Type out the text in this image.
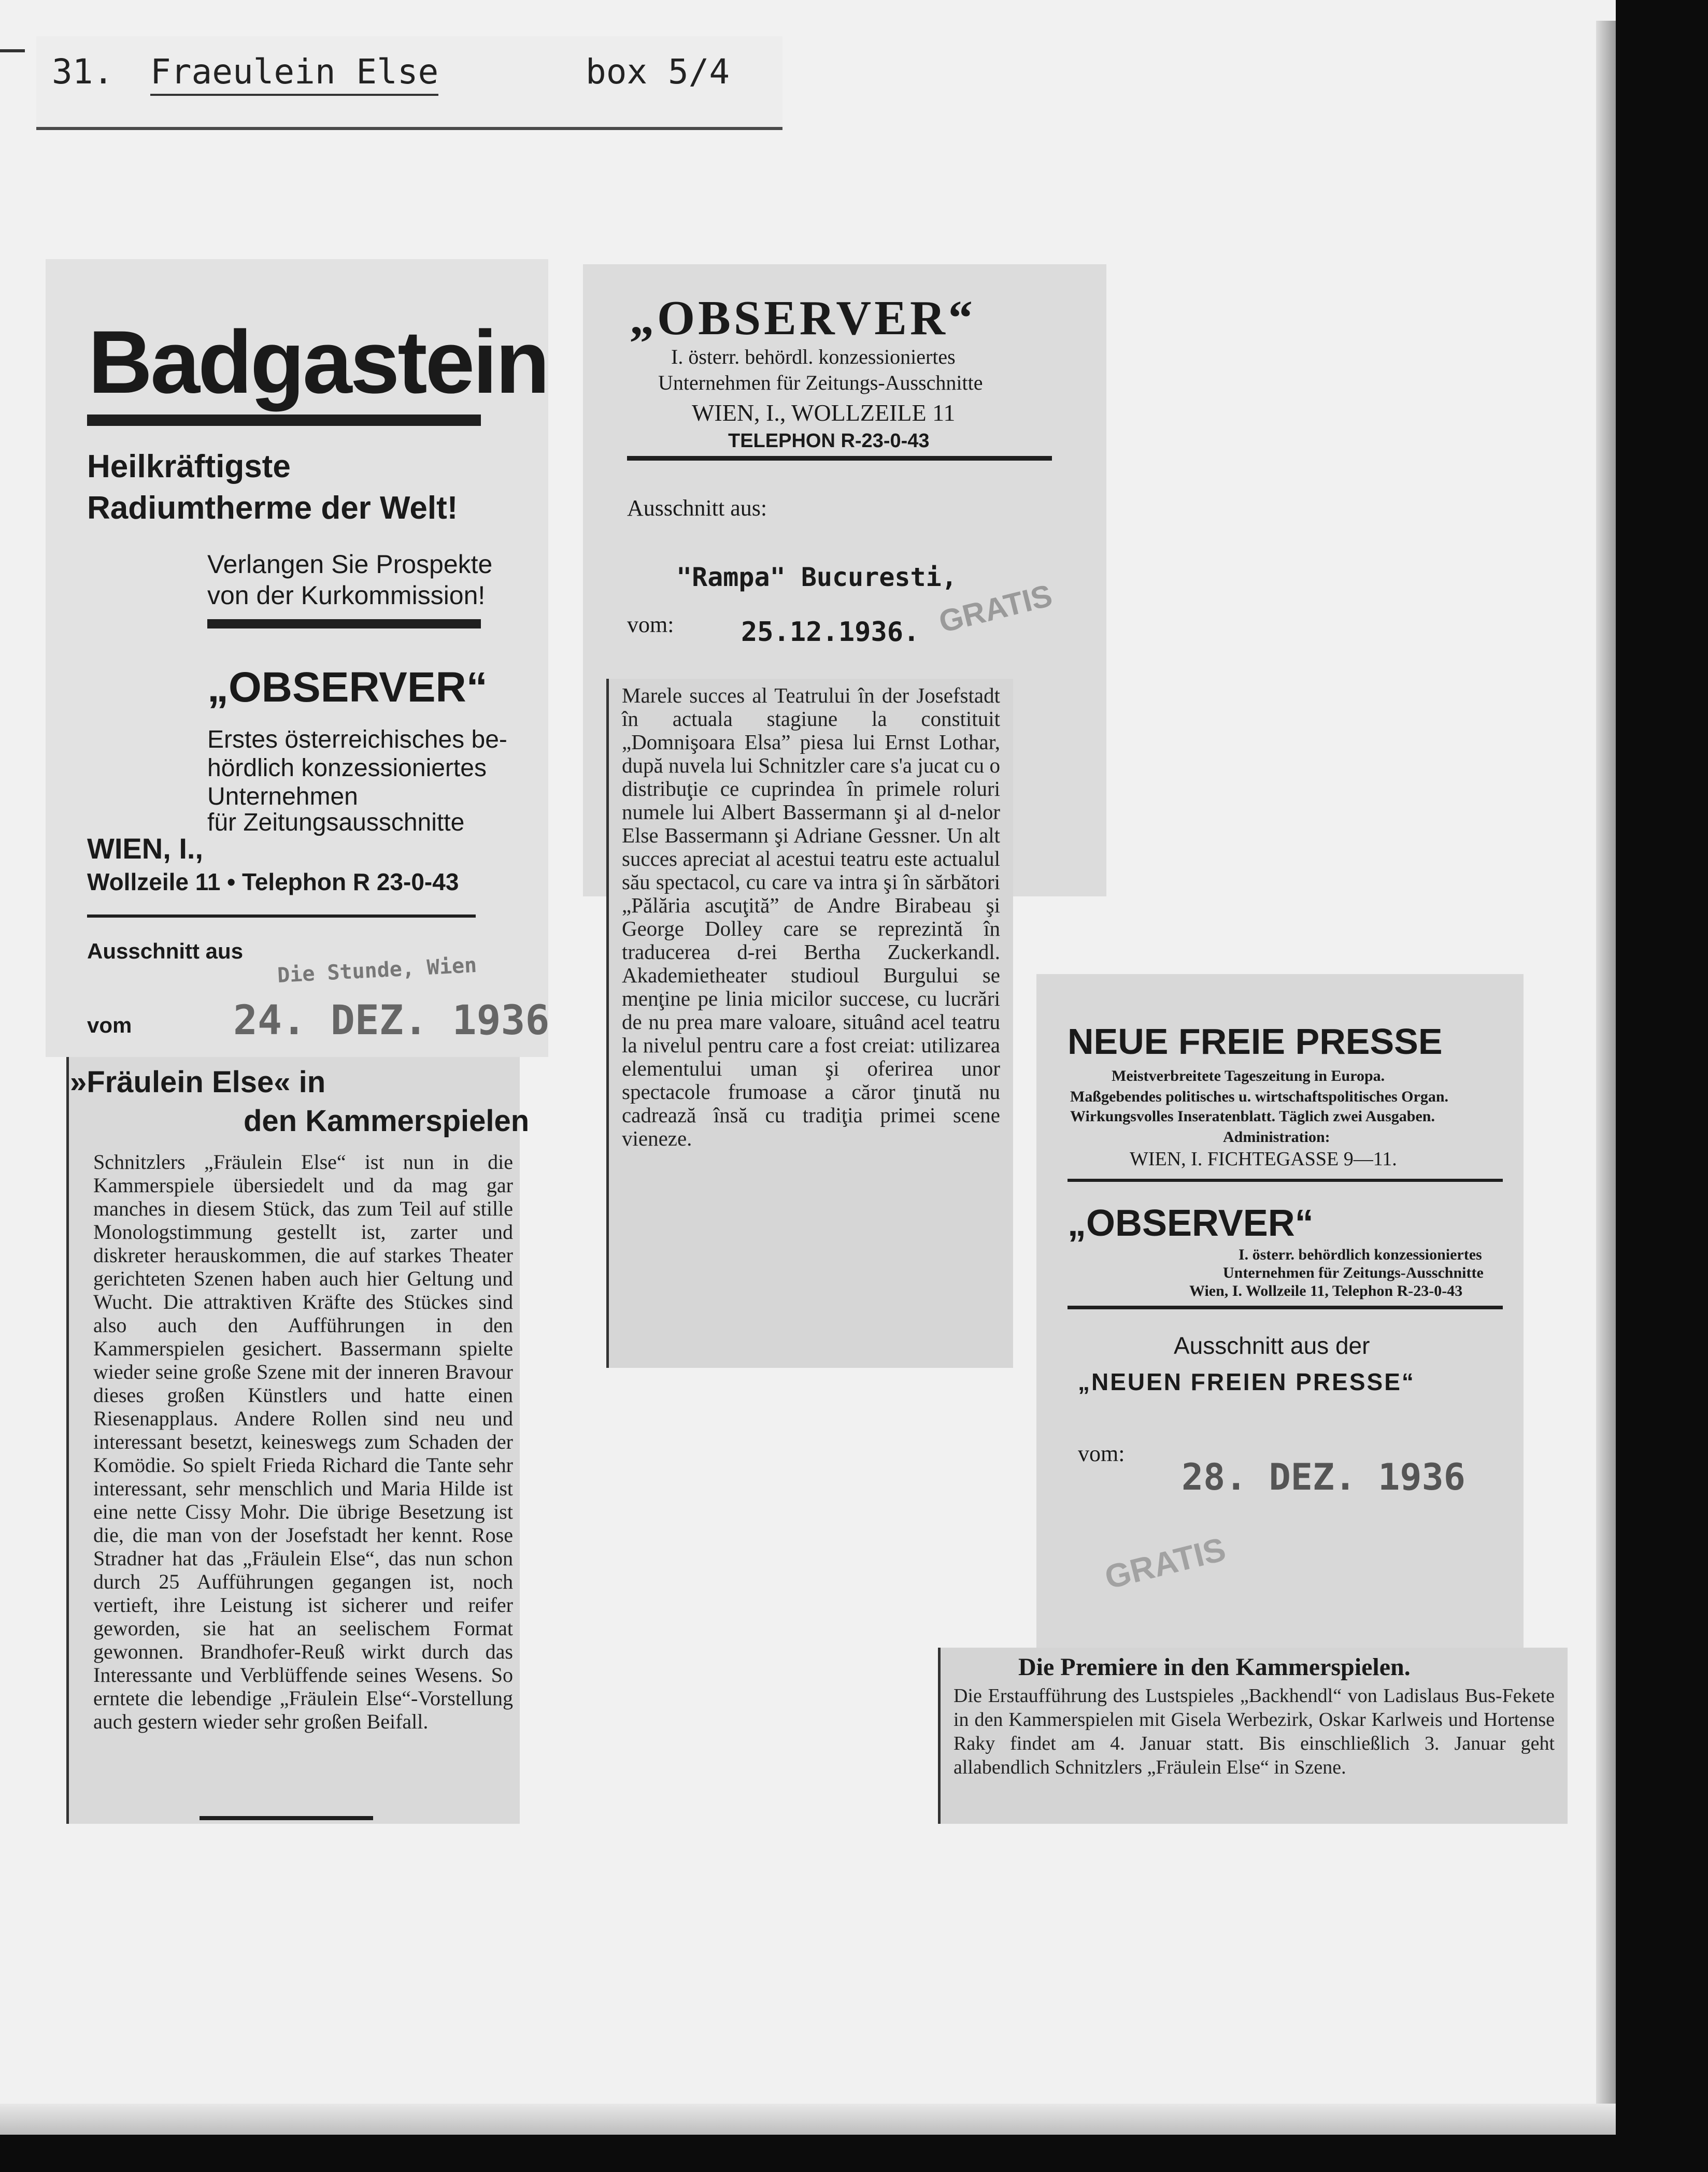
31. Fraeulein Else	box 5/4
Badgastein
Heilkräftigste
Radiumtherme der Welt!
Verlangen Sie Prospekte
von der Kurkommission!
„OBSERVER“
Erstes österreichisches be-
hördlich konzessioniertes
Unternehmen
für Zeitungsausschnitte
WIEN, I.,
Wollzeile 11 • Telephon R 23-0-43
Ausschnitt aus
Die Stunde, Wien
vom	24. DEZ. 1936
»Fräulein Else« in
den Kammerspielen
Schnitzlers „Fräulein Else“ ist nun in die Kammerspiele übersiedelt und da mag gar manches in diesem Stück, das zum Teil auf stille Monologstimmung gestellt ist, zarter und diskreter herauskommen, die auf starkes Theater gerichteten Szenen haben auch hier Geltung und Wucht. Die attraktiven Kräfte des Stückes sind also auch den Aufführungen in den Kammerspielen gesichert. Bassermann spielte wieder seine große Szene mit der inneren Bravour dieses großen Künstlers und hatte einen Riesenapplaus. Andere Rollen sind neu und interessant besetzt, keineswegs zum Schaden der Komödie. So spielt Frieda Richard die Tante sehr interessant, sehr menschlich und Maria Hilde ist eine nette Cissy Mohr. Die übrige Besetzung ist die, die man von der Josefstadt her kennt. Rose Stradner hat das „Fräulein Else“, das nun schon durch 25 Aufführungen gegangen ist, noch vertieft, ihre Leistung ist sicherer und reifer geworden, sie hat an seelischem Format gewonnen. Brandhofer-Reuß wirkt durch das Interessante und Verblüffende seines Wesens. So erntete die lebendige „Fräulein Else“-Vorstellung auch gestern wieder sehr großen Beifall.
„OBSERVER“
I. österr. behördl. konzessioniertes
Unternehmen für Zeitungs-Ausschnitte
WIEN, I., WOLLZEILE 11
TELEPHON R-23-0-43
Ausschnitt aus:
"Rampa" Bucuresti,
vom: 25.12.1936. GRATIS
Marele succes al Teatrului în der Josefstadt în actuala stagiune la constituit „Domnişoara Elsa” piesa lui Ernst Lothar, după nuvela lui Schnitzler care s'a jucat cu o distribuţie ce cuprindea în primele roluri numele lui Albert Bassermann şi al d-nelor Else Bassermann şi Adriane Gessner. Un alt succes apreciat al acestui teatru este actualul său spectacol, cu care va intra şi în sărbători „Pălăria ascuţită” de Andre Birabeau şi George Dolley care se reprezintă în traducerea d-rei Bertha Zuckerkandl. Akademietheater studioul Burgului se menţine pe linia micilor succese, cu lucrări de nu prea mare valoare, situând acel teatru la nivelul pentru care a fost creiat: utilizarea elementului uman şi oferirea unor spectacole frumoase a căror ţinută nu cadrează însă cu tradiţia primei scene vieneze.
NEUE FREIE PRESSE
Meistverbreitete Tageszeitung in Europa.
Maßgebendes politisches u. wirtschaftspolitisches Organ.
Wirkungsvolles Inseratenblatt. Täglich zwei Ausgaben.
Administration:
WIEN, I. FICHTEGASSE 9—11.
„OBSERVER“
I. österr. behördlich konzessioniertes
Unternehmen für Zeitungs-Ausschnitte
Wien, I. Wollzeile 11, Telephon R-23-0-43
Ausschnitt aus der
„NEUEN FREIEN PRESSE“
vom:
28. DEZ. 1936
GRATIS
Die Premiere in den Kammerspielen.
Die Erstaufführung des Lustspieles „Backhendl“ von Ladislaus Bus-Fekete in den Kammerspielen mit Gisela Werbezirk, Oskar Karlweis und Hortense Raky findet am 4. Januar statt. Bis einschließlich 3. Januar geht allabendlich Schnitzlers „Fräulein Else“ in Szene.
